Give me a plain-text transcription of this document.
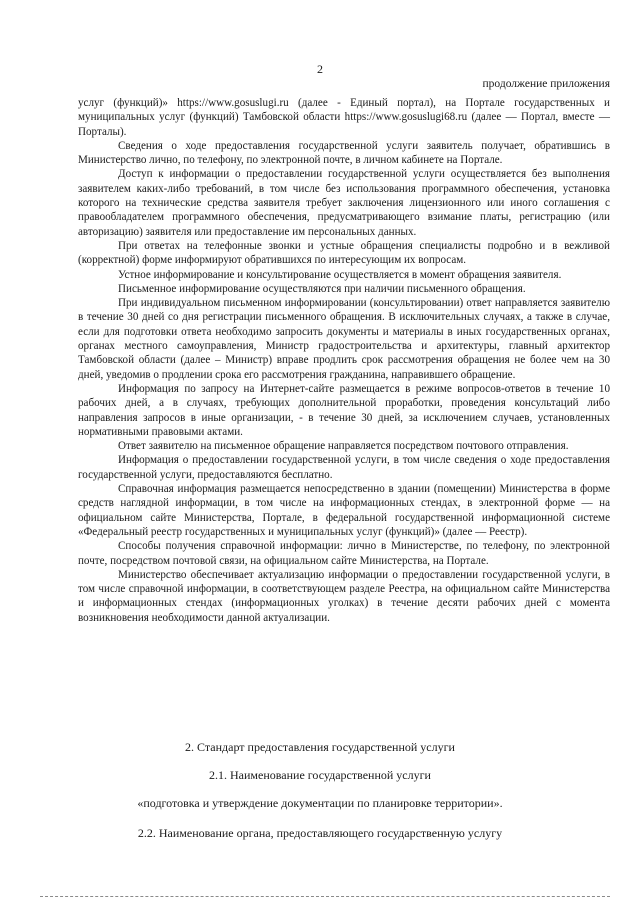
2
продолжение приложения

услуг (функций)» https://www.gosuslugi.ru (далее - Единый портал), на Портале государственных и муниципальных услуг (функций) Тамбовской области https://www.gosuslugi68.ru (далее — Портал, вместе — Порталы).

Сведения о ходе предоставления государственной услуги заявитель получает, обратившись в Министерство лично, по телефону, по электронной почте, в личном кабинете на Портале.

Доступ к информации о предоставлении государственной услуги осуществляется без выполнения заявителем каких-либо требований, в том числе без использования программного обеспечения, установка которого на технические средства заявителя требует заключения лицензионного или иного соглашения с правообладателем программного обеспечения, предусматривающего взимание платы, регистрацию (или авторизацию) заявителя или предоставление им персональных данных.

При ответах на телефонные звонки и устные обращения специалисты подробно и в вежливой (корректной) форме информируют обратившихся по интересующим их вопросам.

Устное информирование и консультирование осуществляется в момент обращения заявителя.

Письменное информирование осуществляются при наличии письменного обращения.

При индивидуальном письменном информировании (консультировании) ответ направляется заявителю в течение 30 дней со дня регистрации письменного обращения. В исключительных случаях, а также в случае, если для подготовки ответа необходимо запросить документы и материалы в иных государственных органах, органах местного самоуправления, Министр градостроительства и архитектуры, главный архитектор Тамбовской области (далее – Министр) вправе продлить срок рассмотрения обращения не более чем на 30 дней, уведомив о продлении срока его рассмотрения гражданина, направившего обращение.

Информация по запросу на Интернет-сайте размещается в режиме вопросов-ответов в течение 10 рабочих дней, а в случаях, требующих дополнительной проработки, проведения консультаций либо направления запросов в иные организации, - в течение 30 дней, за исключением случаев, установленных нормативными правовыми актами.

Ответ заявителю на письменное обращение направляется посредством почтового отправления.

Информация о предоставлении государственной услуги, в том числе сведения о ходе предоставления государственной услуги, предоставляются бесплатно.

Справочная информация размещается непосредственно в здании (помещении) Министерства в форме средств наглядной информации, в том числе на информационных стендах, в электронной форме — на официальном сайте Министерства, Портале, в федеральной государственной информационной системе «Федеральный реестр государственных и муниципальных услуг (функций)» (далее — Реестр).

Способы получения справочной информации: лично в Министерстве, по телефону, по электронной почте, посредством почтовой связи, на официальном сайте Министерства, на Портале.

Министерство обеспечивает актуализацию информации о предоставлении государственной услуги, в том числе справочной информации, в соответствующем разделе Реестра, на официальном сайте Министерства и информационных стендах (информационных уголках) в течение десяти рабочих дней с момента возникновения необходимости данной актуализации.

2. Стандарт предоставления государственной услуги
2.1. Наименование государственной услуги
«подготовка и утверждение документации по планировке территории».
2.2. Наименование органа, предоставляющего государственную услугу
